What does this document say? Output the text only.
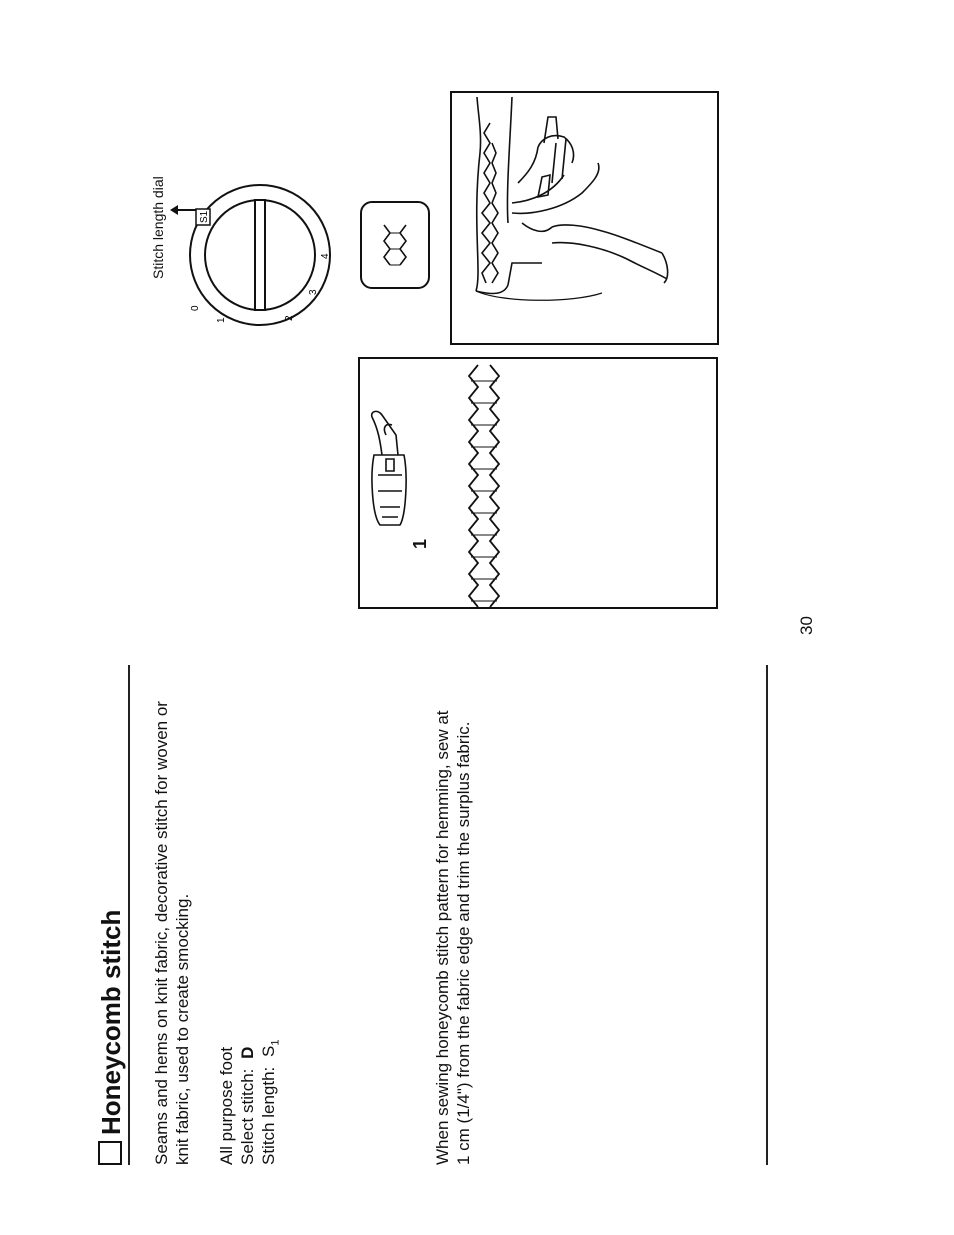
Honeycomb stitch Seams and hems on knit fabric, decorative stitch for woven or knit fabric, used to create smocking. All purpose foot Select stitch: D
Stitch length: $S_1$	When sewing honeycomb stitch pattern for hemming, sew at 1 cm (1/4") from the fabric edge and trim the surplus fabric.
30
1
S1
0
1	2
3
4
Stitch length dial
